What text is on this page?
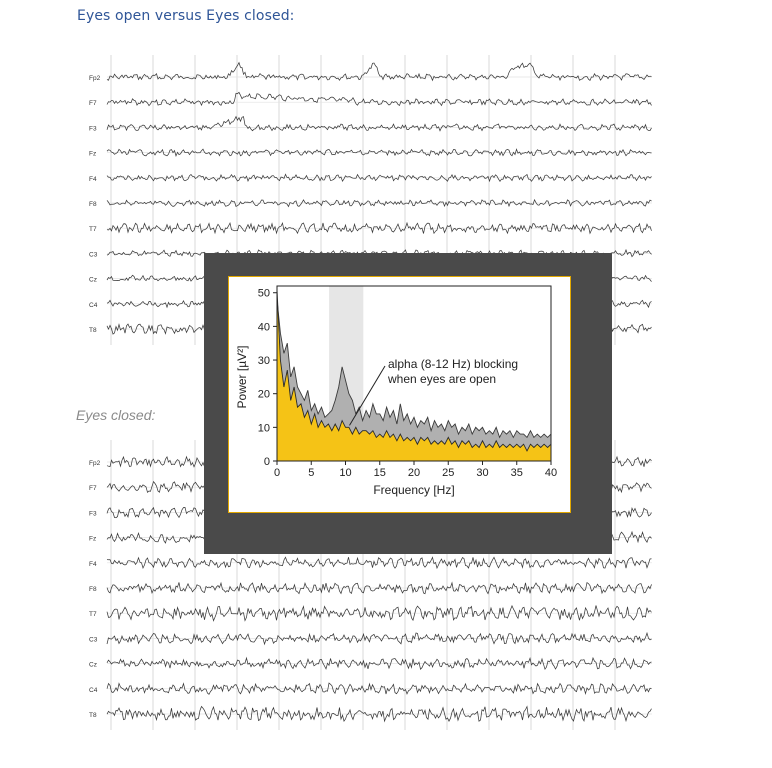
Eyes open versus Eyes closed:
Eyes closed:
Fp2
F7
F3
Fz
F4
F8
T7
C3
Cz
C4
T8
Fp2
F7
F3
Fz
F4
F8
T7
C3
Cz
C4
T8
0	5 10 15 20 25 30 35 40
0
10
20
30
40
50
alpha (8-12 Hz) blocking
when eyes are open
Frequency [Hz]
Power [µV²]
